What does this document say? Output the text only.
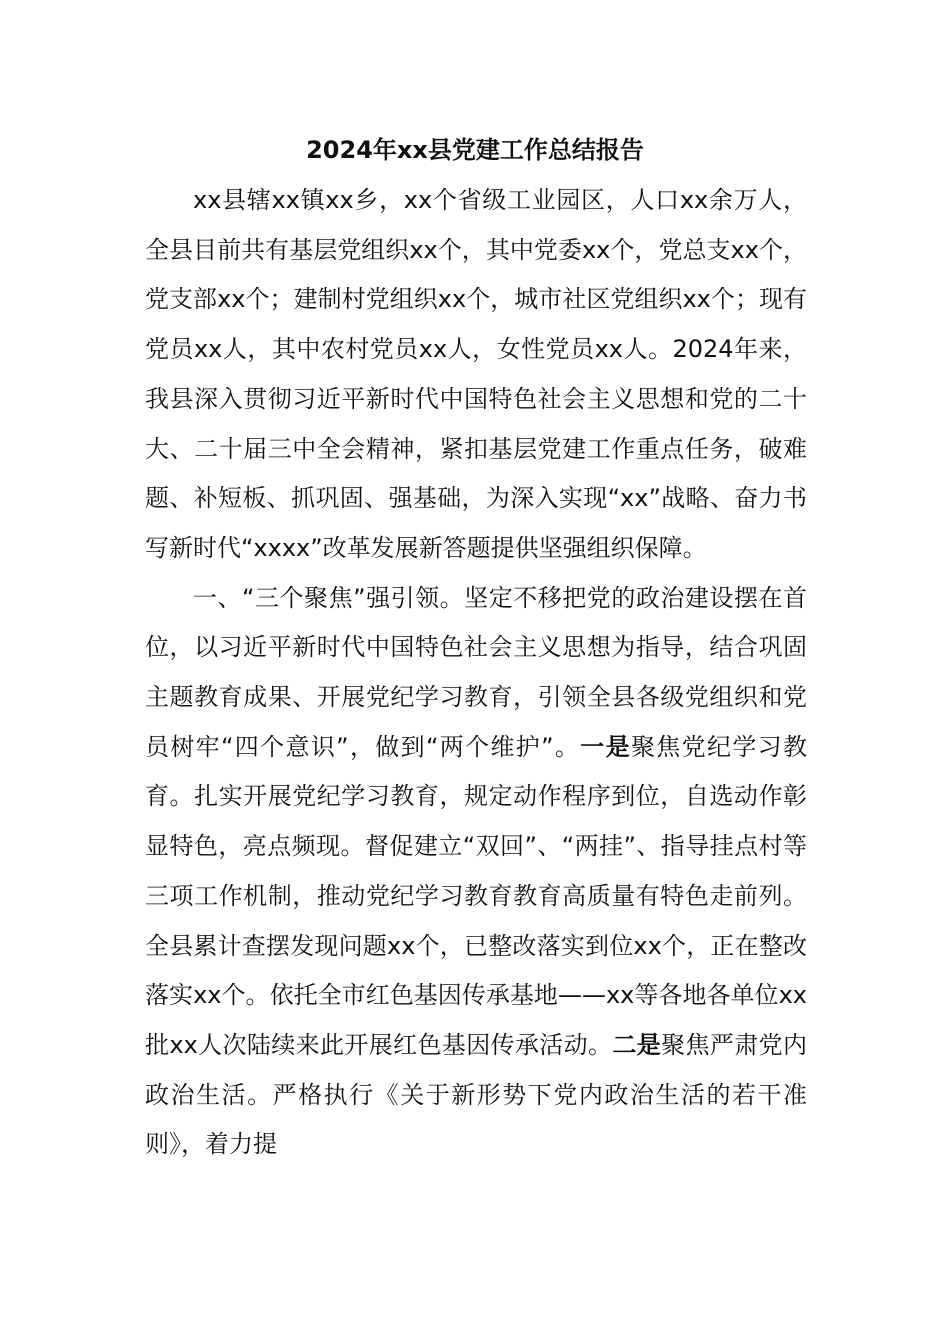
2024年xx县党建工作总结报告

xx县辖xx镇xx乡，xx个省级工业园区，人口xx余万人，全县目前共有基层党组织xx个，其中党委xx个，党总支xx个，党支部xx个；建制村党组织xx个，城市社区党组织xx个；现有党员xx人，其中农村党员xx人，女性党员xx人。2024年来，我县深入贯彻习近平新时代中国特色社会主义思想和党的二十大、二十届三中全会精神，紧扣基层党建工作重点任务，破难题、补短板、抓巩固、强基础，为深入实现“xx”战略、奋力书写新时代“xxxx”改革发展新答题提供坚强组织保障。

一、“三个聚焦”强引领。坚定不移把党的政治建设摆在首位，以习近平新时代中国特色社会主义思想为指导，结合巩固主题教育成果、开展党纪学习教育，引领全县各级党组织和党员树牢“四个意识”，做到“两个维护”。一是聚焦党纪学习教育。扎实开展党纪学习教育，规定动作程序到位，自选动作彰显特色，亮点频现。督促建立“双回”、“两挂”、指导挂点村等三项工作机制，推动党纪学习教育教育高质量有特色走前列。全县累计查摆发现问题xx个，已整改落实到位xx个，正在整改落实xx个。依托全市红色基因传承基地——xx等各地各单位xx批xx人次陆续来此开展红色基因传承活动。二是聚焦严肃党内政治生活。严格执行《关于新形势下党内政治生活的若干准则》，着力提
